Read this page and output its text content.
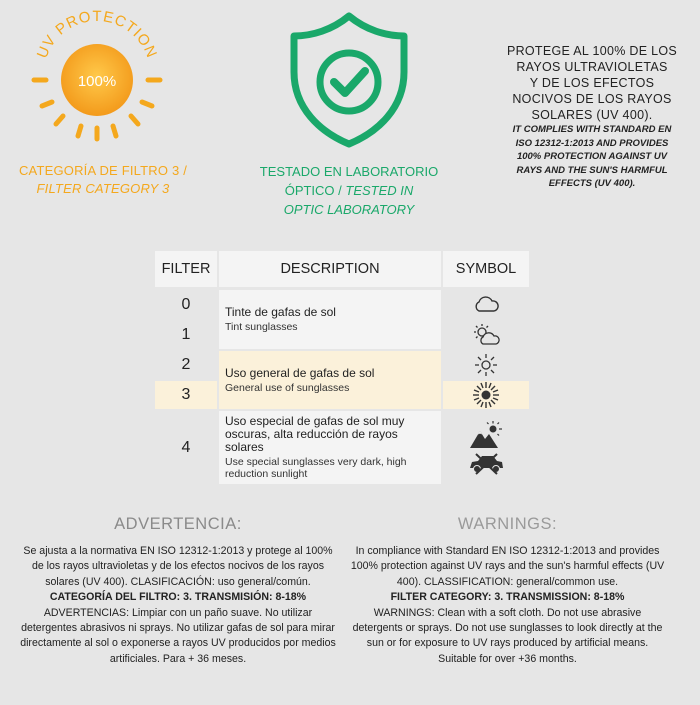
UV PROTECTION
100%
CATEGORÍA DE FILTRO 3 /
FILTER CATEGORY 3
TESTADO EN LABORATORIO
ÓPTICO / TESTED IN
OPTIC LABORATORY
PROTEGE AL 100% DE LOS
RAYOS ULTRAVIOLETAS
Y DE LOS EFECTOS
NOCIVOS DE LOS RAYOS
SOLARES (UV 400).
IT COMPLIES WITH STANDARD EN
ISO 12312-1:2013 AND PROVIDES
100% PROTECTION AGAINST UV
RAYS AND THE SUN'S HARMFUL
EFFECTS (UV 400).
FILTER	DESCRIPTION	SYMBOL
0
1
2
3
4
Tinte de gafas de sol
Tint sunglasses
Uso general de gafas de sol
General use of sunglasses
Uso especial de gafas de sol muy oscuras, alta reducción de rayos solares
Use special sunglasses very dark, high reduction sunlight
ADVERTENCIA:

Se ajusta a la normativa EN ISO 12312-1:2013 y protege al 100% de los rayos ultravioletas y de los efectos nocivos de los rayos solares (UV 400). CLASIFICACIÓN: uso general/común.

CATEGORÍA DEL FILTRO: 3. TRANSMISIÓN: 8-18%

ADVERTENCIAS: Limpiar con un paño suave. No utilizar detergentes abrasivos ni sprays. No utilizar gafas de sol para mirar directamente al sol o exponerse a rayos UV producidos por medios artificiales. Para + 36 meses.

WARNINGS:

In compliance with Standard EN ISO 12312-1:2013 and provides 100% protection against UV rays and the sun's harmful effects (UV 400). CLASSIFICATION: general/common use.

FILTER CATEGORY: 3. TRANSMISSION: 8-18%

WARNINGS: Clean with a soft cloth. Do not use abrasive detergents or sprays. Do not use sunglasses to look directly at the sun or for exposure to UV rays produced by artificial means. Suitable for over +36 months.
